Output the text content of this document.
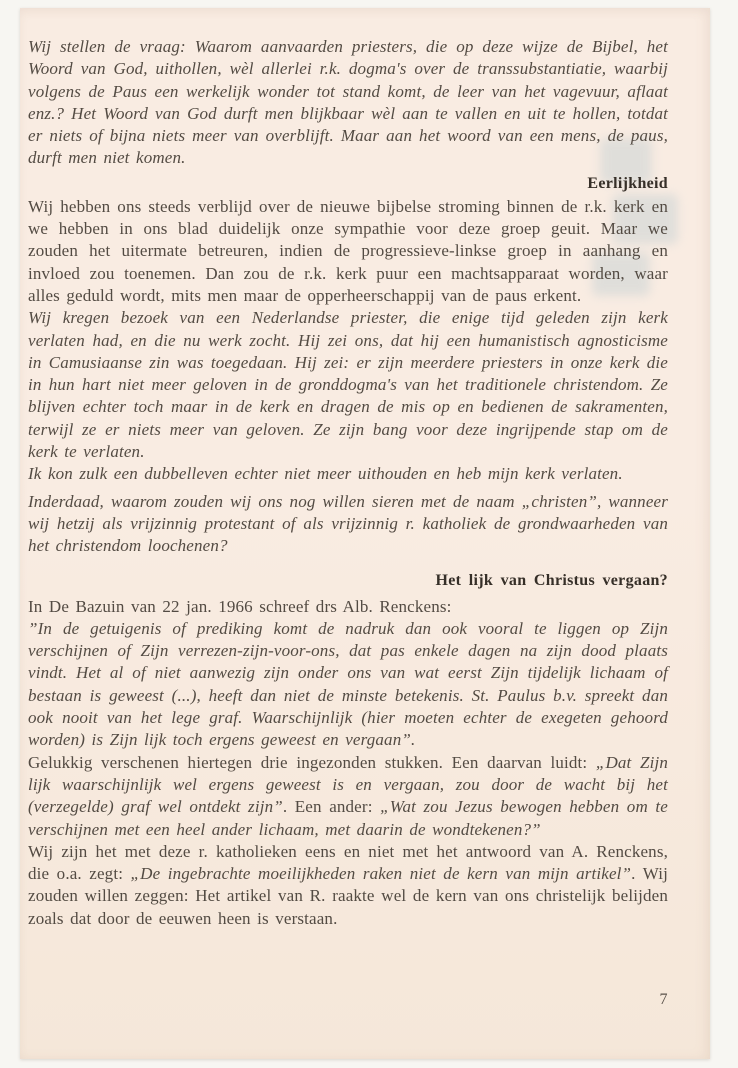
Wij stellen de vraag: Waarom aanvaarden priesters, die op deze wijze de Bijbel, het Woord van God, uithollen, wèl allerlei r.k. dogma's over de transsubstantiatie, waarbij volgens de Paus een werkelijk wonder tot stand komt, de leer van het vagevuur, aflaat enz.? Het Woord van God durft men blijkbaar wèl aan te vallen en uit te hollen, totdat er niets of bijna niets meer van overblijft. Maar aan het woord van een mens, de paus, durft men niet komen.

Eerlijkheid

Wij hebben ons steeds verblijd over de nieuwe bijbelse stroming binnen de r.k. kerk en we hebben in ons blad duidelijk onze sympathie voor deze groep geuit. Maar we zouden het uitermate betreuren, indien de progressieve-linkse groep in aanhang en invloed zou toenemen. Dan zou de r.k. kerk puur een machtsapparaat worden, waar alles geduld wordt, mits men maar de opperheerschappij van de paus erkent.

Wij kregen bezoek van een Nederlandse priester, die enige tijd geleden zijn kerk verlaten had, en die nu werk zocht. Hij zei ons, dat hij een humanistisch agnosticisme in Camusiaanse zin was toegedaan. Hij zei: er zijn meerdere priesters in onze kerk die in hun hart niet meer geloven in de gronddogma's van het traditionele christendom. Ze blijven echter toch maar in de kerk en dragen de mis op en bedienen de sakramenten, terwijl ze er niets meer van geloven. Ze zijn bang voor deze ingrijpende stap om de kerk te verlaten.

Ik kon zulk een dubbelleven echter niet meer uithouden en heb mijn kerk verlaten.

Inderdaad, waarom zouden wij ons nog willen sieren met de naam „christen”, wanneer wij hetzij als vrijzinnig protestant of als vrijzinnig r. katholiek de grondwaarheden van het christendom loochenen?

Het lijk van Christus vergaan?

In De Bazuin van 22 jan. 1966 schreef drs Alb. Renckens:

”In de getuigenis of prediking komt de nadruk dan ook vooral te liggen op Zijn verschijnen of Zijn verrezen-zijn-voor-ons, dat pas enkele dagen na zijn dood plaats vindt. Het al of niet aanwezig zijn onder ons van wat eerst Zijn tijdelijk lichaam of bestaan is geweest (...), heeft dan niet de minste betekenis. St. Paulus b.v. spreekt dan ook nooit van het lege graf. Waarschijnlijk (hier moeten echter de exegeten gehoord worden) is Zijn lijk toch ergens geweest en vergaan”.

Gelukkig verschenen hiertegen drie ingezonden stukken. Een daarvan luidt: „Dat Zijn lijk waarschijnlijk wel ergens geweest is en vergaan, zou door de wacht bij het (verzegelde) graf wel ontdekt zijn”. Een ander: „Wat zou Jezus bewogen hebben om te verschijnen met een heel ander lichaam, met daarin de wondtekenen?”

Wij zijn het met deze r. katholieken eens en niet met het antwoord van A. Renckens, die o.a. zegt: „De ingebrachte moeilijkheden raken niet de kern van mijn artikel”. Wij zouden willen zeggen: Het artikel van R. raakte wel de kern van ons christelijk belijden zoals dat door de eeuwen heen is verstaan.

7
